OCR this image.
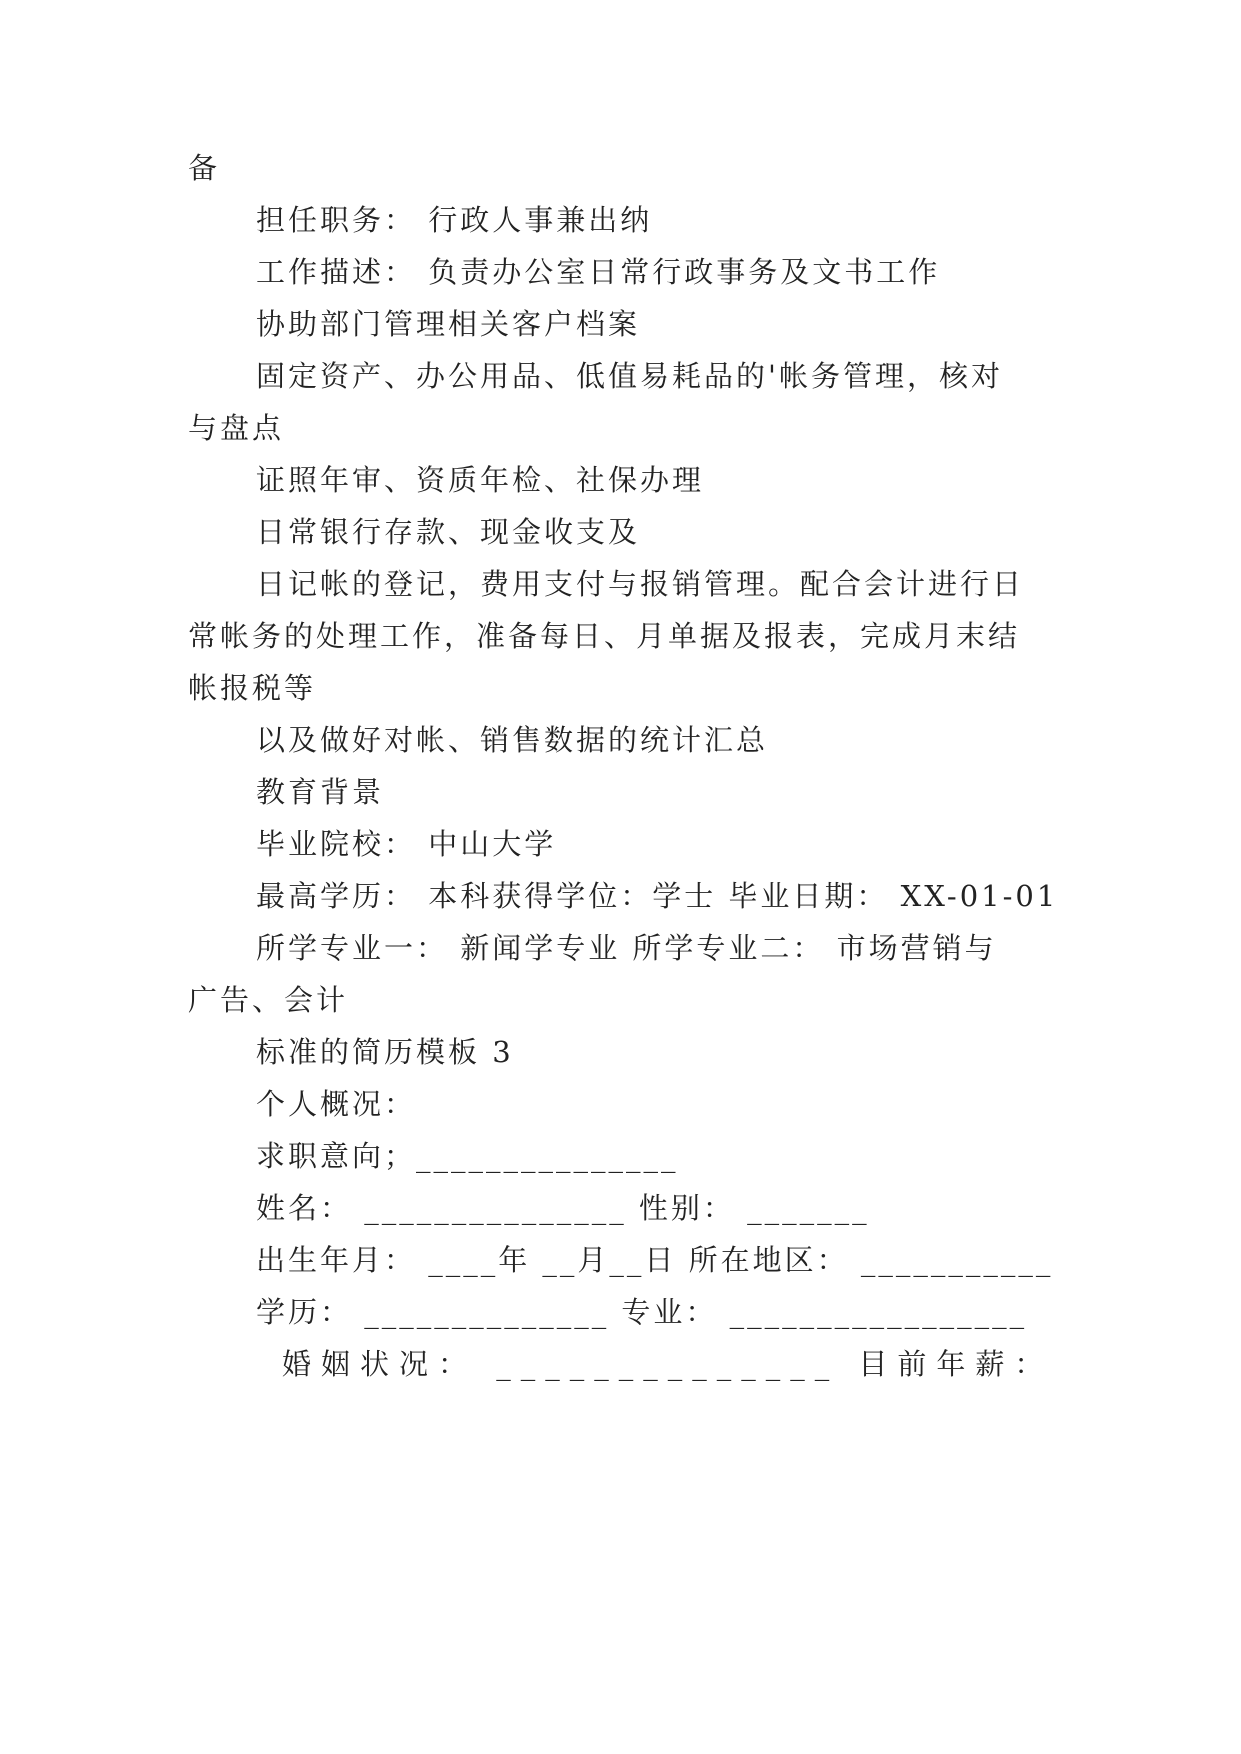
备
担任职务： 行政人事兼出纳
工作描述： 负责办公室日常行政事务及文书工作
协助部门管理相关客户档案
固定资产、办公用品、低值易耗品的'帐务管理，核对
与盘点
证照年审、资质年检、社保办理
日常银行存款、现金收支及
日记帐的登记，费用支付与报销管理。配合会计进行日
常帐务的处理工作，准备每日、月单据及报表，完成月末结
帐报税等
以及做好对帐、销售数据的统计汇总
教育背景
毕业院校： 中山大学
最高学历： 本科获得学位：学士 毕业日期： XX-01-01
所学专业一： 新闻学专业 所学专业二： 市场营销与
广告、会计
标准的简历模板 3
个人概况：
求职意向；_______________
姓名： _______________ 性别： _______
出生年月： ____年 __月__日 所在地区： ___________
学历： ______________ 专业： _________________
婚姻状况： ______________ 目前年薪：
